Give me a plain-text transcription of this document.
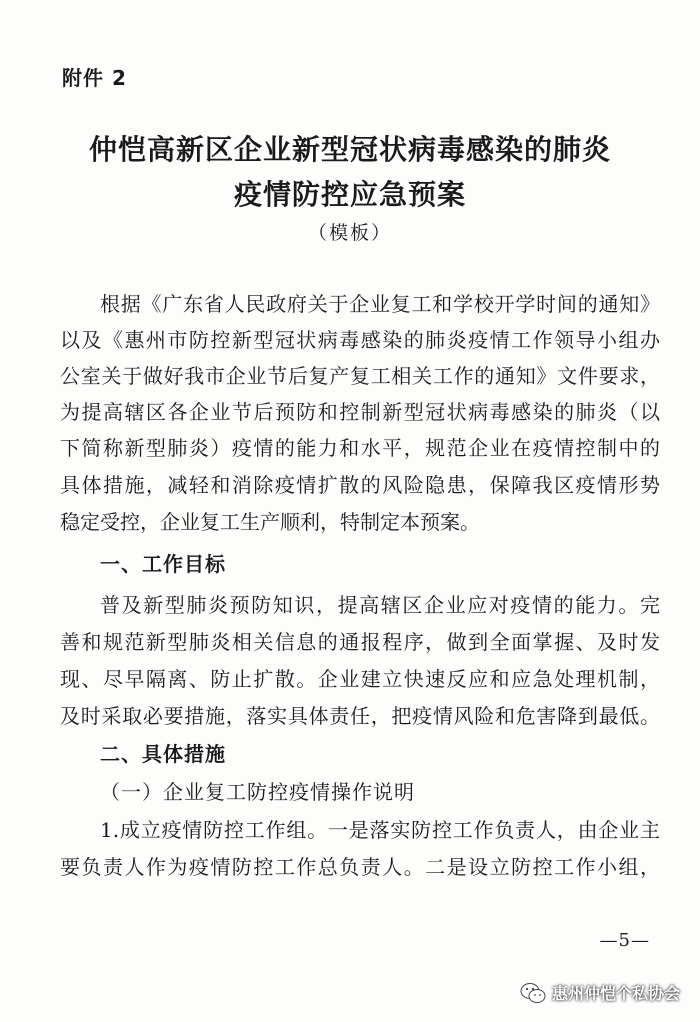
附件 2
仲恺高新区企业新型冠状病毒感染的肺炎
疫情防控应急预案
（模板）
根据《广东省人民政府关于企业复工和学校开学时间的通知》
以及《惠州市防控新型冠状病毒感染的肺炎疫情工作领导小组办
公室关于做好我市企业节后复产复工相关工作的通知》文件要求，
为提高辖区各企业节后预防和控制新型冠状病毒感染的肺炎（以
下简称新型肺炎）疫情的能力和水平，规范企业在疫情控制中的
具体措施，减轻和消除疫情扩散的风险隐患，保障我区疫情形势
稳定受控，企业复工生产顺利，特制定本预案。
一、工作目标
普及新型肺炎预防知识，提高辖区企业应对疫情的能力。完
善和规范新型肺炎相关信息的通报程序，做到全面掌握、及时发
现、尽早隔离、防止扩散。企业建立快速反应和应急处理机制，
及时采取必要措施，落实具体责任，把疫情风险和危害降到最低。
二、具体措施
（一）企业复工防控疫情操作说明
1.成立疫情防控工作组。一是落实防控工作负责人，由企业主
要负责人作为疫情防控工作总负责人。二是设立防控工作小组，
—5—
惠州仲恺个私协会
